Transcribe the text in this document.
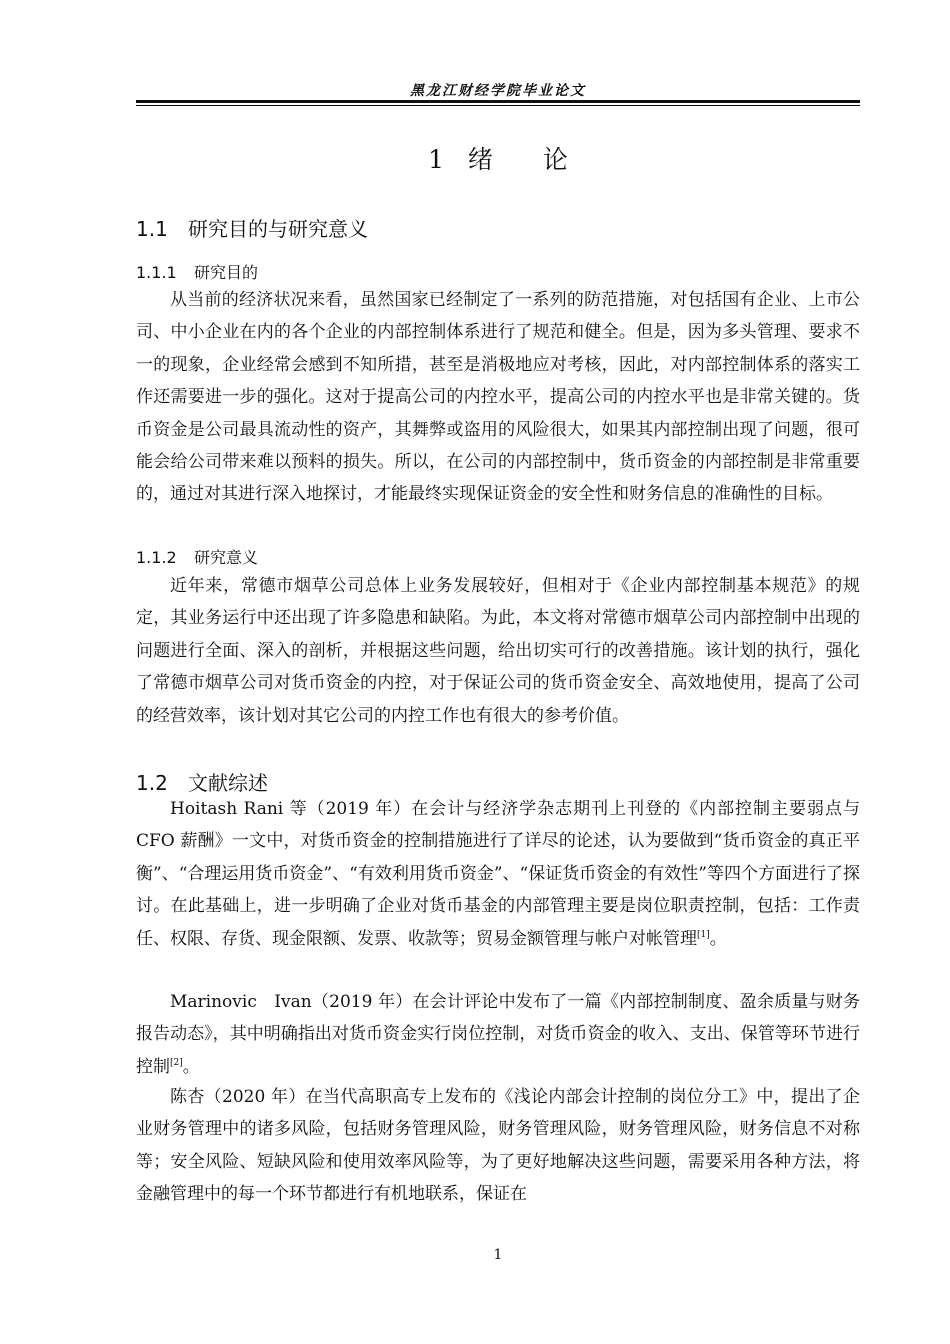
黑龙江财经学院毕业论文
1 绪　　论
1.1 研究目的与研究意义
1.1.1 研究目的
从当前的经济状况来看，虽然国家已经制定了一系列的防范措施，对包括国有企业、上市公司、中小企业在内的各个企业的内部控制体系进行了规范和健全。但是，因为多头管理、要求不一的现象，企业经常会感到不知所措，甚至是消极地应对考核，因此，对内部控制体系的落实工作还需要进一步的强化。这对于提高公司的内控水平，提高公司的内控水平也是非常关键的。货币资金是公司最具流动性的资产，其舞弊或盗用的风险很大，如果其内部控制出现了问题，很可能会给公司带来难以预料的损失。所以，在公司的内部控制中，货币资金的内部控制是非常重要的，通过对其进行深入地探讨，才能最终实现保证资金的安全性和财务信息的准确性的目标。
1.1.2 研究意义
近年来，常德市烟草公司总体上业务发展较好，但相对于《企业内部控制基本规范》的规定，其业务运行中还出现了许多隐患和缺陷。为此，本文将对常德市烟草公司内部控制中出现的问题进行全面、深入的剖析，并根据这些问题，给出切实可行的改善措施。该计划的执行，强化了常德市烟草公司对货币资金的内控，对于保证公司的货币资金安全、高效地使用，提高了公司的经营效率，该计划对其它公司的内控工作也有很大的参考价值。
1.2 文献综述
Hoitash Rani 等（2019 年）在会计与经济学杂志期刊上刊登的《内部控制主要弱点与　CFO 薪酬》一文中，对货币资金的控制措施进行了详尽的论述，认为要做到“货币资金的真正平衡”、“合理运用货币资金”、“有效利用货币资金”、“保证货币资金的有效性”等四个方面进行了探讨。在此基础上，进一步明确了企业对货币基金的内部管理主要是岗位职责控制，包括：工作责任、权限、存货、现金限额、发票、收款等；贸易金额管理与帐户对帐管理[1]。
Marinovic　Ivan（2019 年）在会计评论中发布了一篇《内部控制制度、盈余质量与财务报告动态》，其中明确指出对货币资金实行岗位控制，对货币资金的收入、支出、保管等环节进行控制[2]。
陈杏（2020 年）在当代高职高专上发布的《浅论内部会计控制的岗位分工》中，提出了企业财务管理中的诸多风险，包括财务管理风险，财务管理风险，财务管理风险，财务信息不对称等；安全风险、短缺风险和使用效率风险等，为了更好地解决这些问题，需要采用各种方法，将金融管理中的每一个环节都进行有机地联系，保证在
1
